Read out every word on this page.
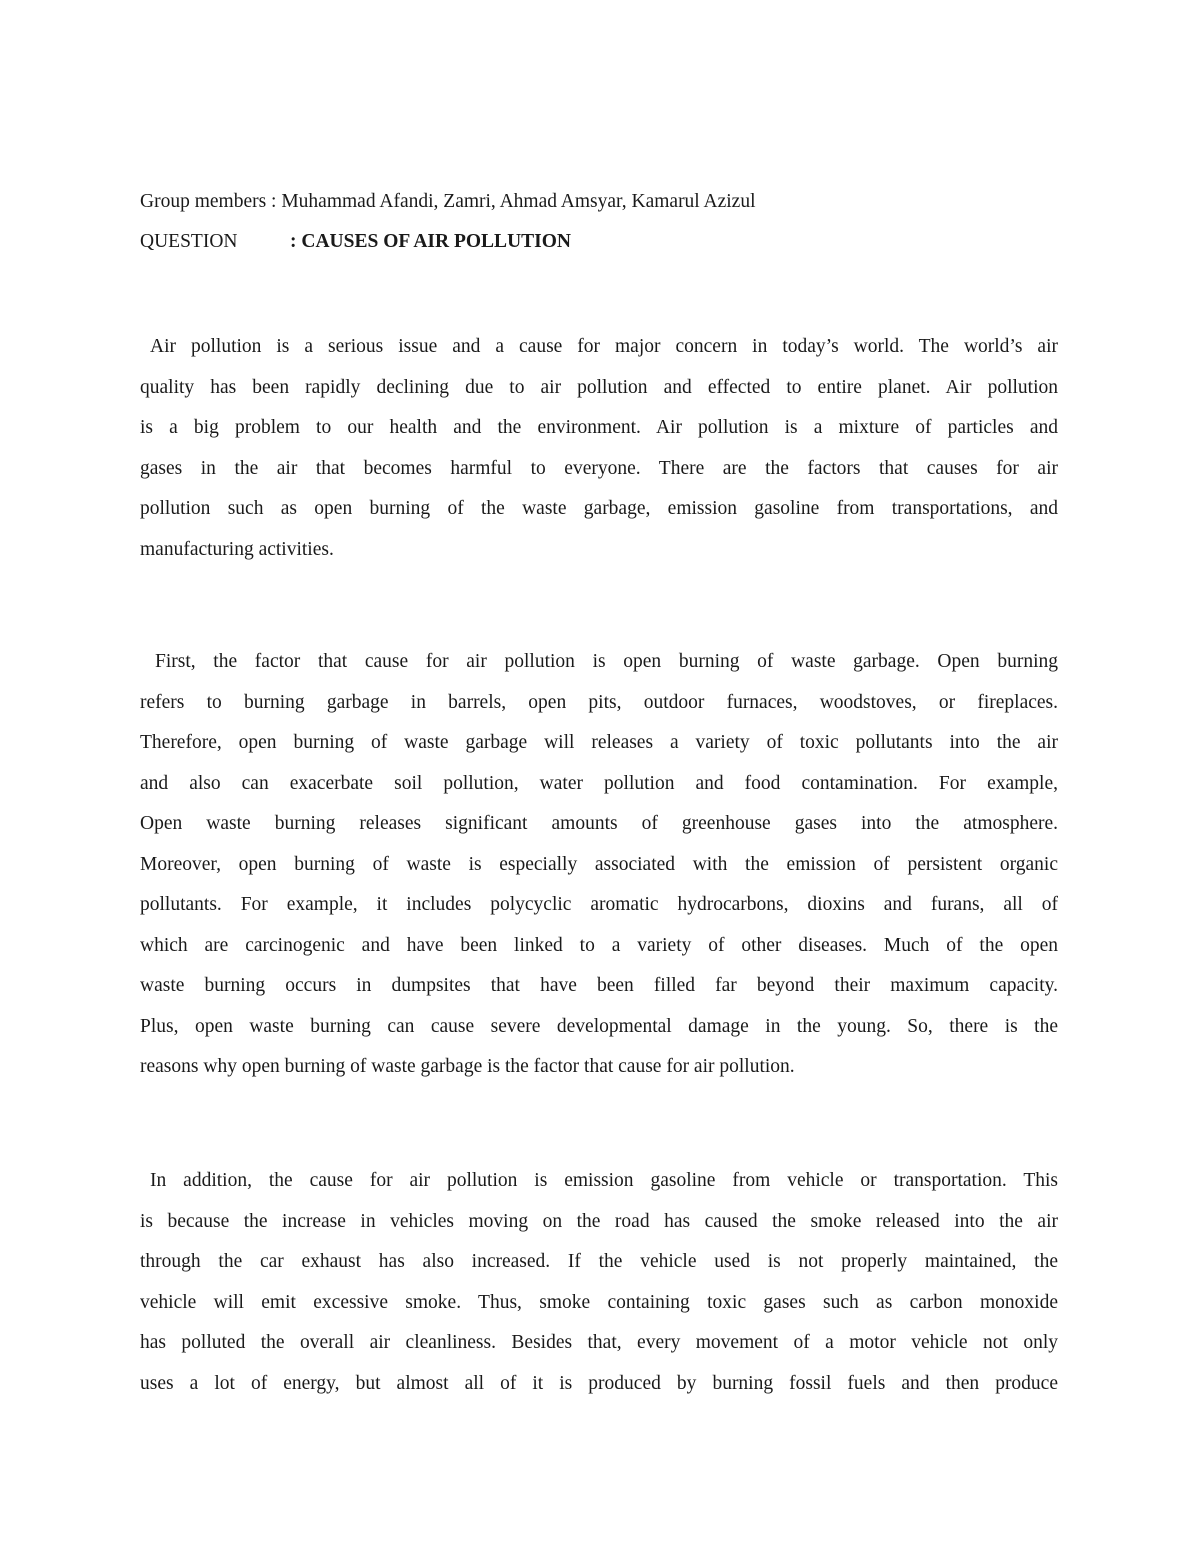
Group members : Muhammad Afandi, Zamri, Ahmad Amsyar, Kamarul Azizul
QUESTION	: CAUSES OF AIR POLLUTION
Air pollution is a serious issue and a cause for major concern in today’s world. The world’s air
quality has been rapidly declining due to air pollution and effected to entire planet. Air pollution
is a big problem to our health and the environment. Air pollution is a mixture of particles and
gases in the air that becomes harmful to everyone. There are the factors that causes for air
pollution such as open burning of the waste garbage, emission gasoline from transportations, and
manufacturing activities.
First, the factor that cause for air pollution is open burning of waste garbage. Open burning
refers to burning garbage in barrels, open pits, outdoor furnaces, woodstoves, or fireplaces.
Therefore, open burning of waste garbage will releases a variety of toxic pollutants into the air
and also can exacerbate soil pollution, water pollution and food contamination. For example,
Open waste burning releases significant amounts of greenhouse gases into the atmosphere.
Moreover, open burning of waste is especially associated with the emission of persistent organic
pollutants. For example, it includes polycyclic aromatic hydrocarbons, dioxins and furans, all of
which are carcinogenic and have been linked to a variety of other diseases. Much of the open
waste burning occurs in dumpsites that have been filled far beyond their maximum capacity.
Plus, open waste burning can cause severe developmental damage in the young. So, there is the
reasons why open burning of waste garbage is the factor that cause for air pollution.
In addition, the cause for air pollution is emission gasoline from vehicle or transportation. This
is because the increase in vehicles moving on the road has caused the smoke released into the air
through the car exhaust has also increased. If the vehicle used is not properly maintained, the
vehicle will emit excessive smoke. Thus, smoke containing toxic gases such as carbon monoxide
has polluted the overall air cleanliness. Besides that, every movement of a motor vehicle not only
uses a lot of energy, but almost all of it is produced by burning fossil fuels and then produce
